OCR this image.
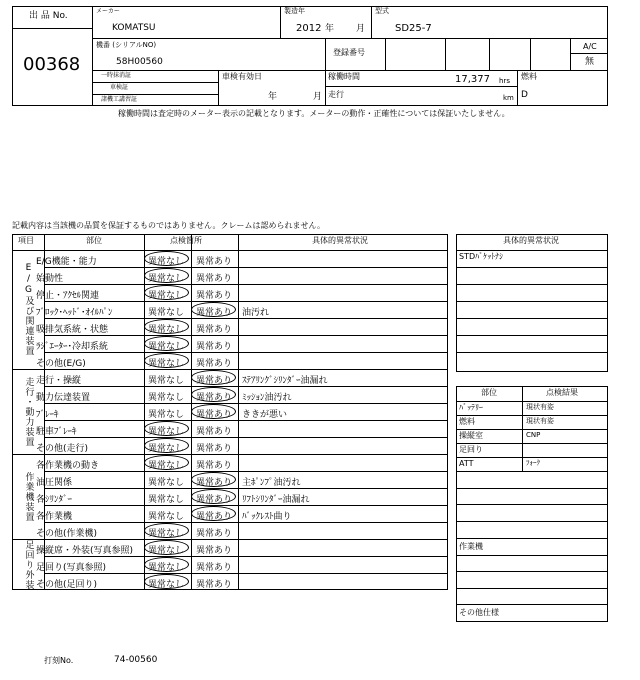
出 品 No.
00368
メーカー
KOMATSU
製造年
2012 年 月
型式
SD25-7
機番 (シリアルNO)
58H00560
登録番号
A/C
無
一時抹消証
車検証
諸機工講習証
車検有効日
年	月
稼働時間	17,377 hrs
走行	km
燃料
D
稼働時間は査定時のメーター表示の記載となります。メーターの動作・正確性については保証いたしません。
記載内容は当該機の品質を保証するものではありません。クレームは認められません。
項目	部位	点検箇所	具体的異常状況
E/G機能・能力	異常なし 異常あり
始動性	異常なし 異常あり
停止・ｱｸｾﾙ関連	異常なし 異常あり
ﾌﾞﾛｯｸ･ﾍｯﾄﾞ･ｵｲﾙﾊﾟﾝ	異常なし 異常あり 油汚れ
吸排気系統・状態	異常なし 異常あり
ﾗｼﾞｴｰﾀｰ･冷却系統	異常なし 異常あり
その他(E/G)	異常なし 異常あり
E/G及び関連装置
走行・操縦	異常なし 異常あり ｽﾃｱﾘﾝｸﾞｼﾘﾝﾀﾞｰ油漏れ
動力伝達装置	異常なし 異常あり ﾐｯｼｮﾝ油汚れ
ﾌﾞﾚｰｷ	異常なし 異常あり ききが悪い
駐車ﾌﾞﾚｰｷ	異常なし 異常あり
その他(走行)	異常なし 異常あり
走行・動力装置
各作業機の動き	異常なし 異常あり
油圧関係	異常なし 異常あり 主ﾎﾟﾝﾌﾟ油汚れ
各ｼﾘﾝﾀﾞｰ	異常なし 異常あり ﾘﾌﾄｼﾘﾝﾀﾞｰ油漏れ
各作業機	異常なし 異常あり ﾊﾞｯｸﾚｽﾄ曲り
その他(作業機)	異常なし 異常あり
作業機装置
操縦席・外装(写真参照) 異常なし 異常あり
足回り(写真参照)	異常なし 異常あり
その他(足回り)	異常なし 異常あり
足回り外装
具体的異常状況
STDﾊﾞｹｯﾄﾅｼ
部位	点検結果
ﾊﾞｯﾃﾘｰ	現状有姿
燃料	現状有姿
操縦室	CNP
足回り
ATT	ﾌｫｰｸ
作業機
その他仕様
打刻No.	74-00560
